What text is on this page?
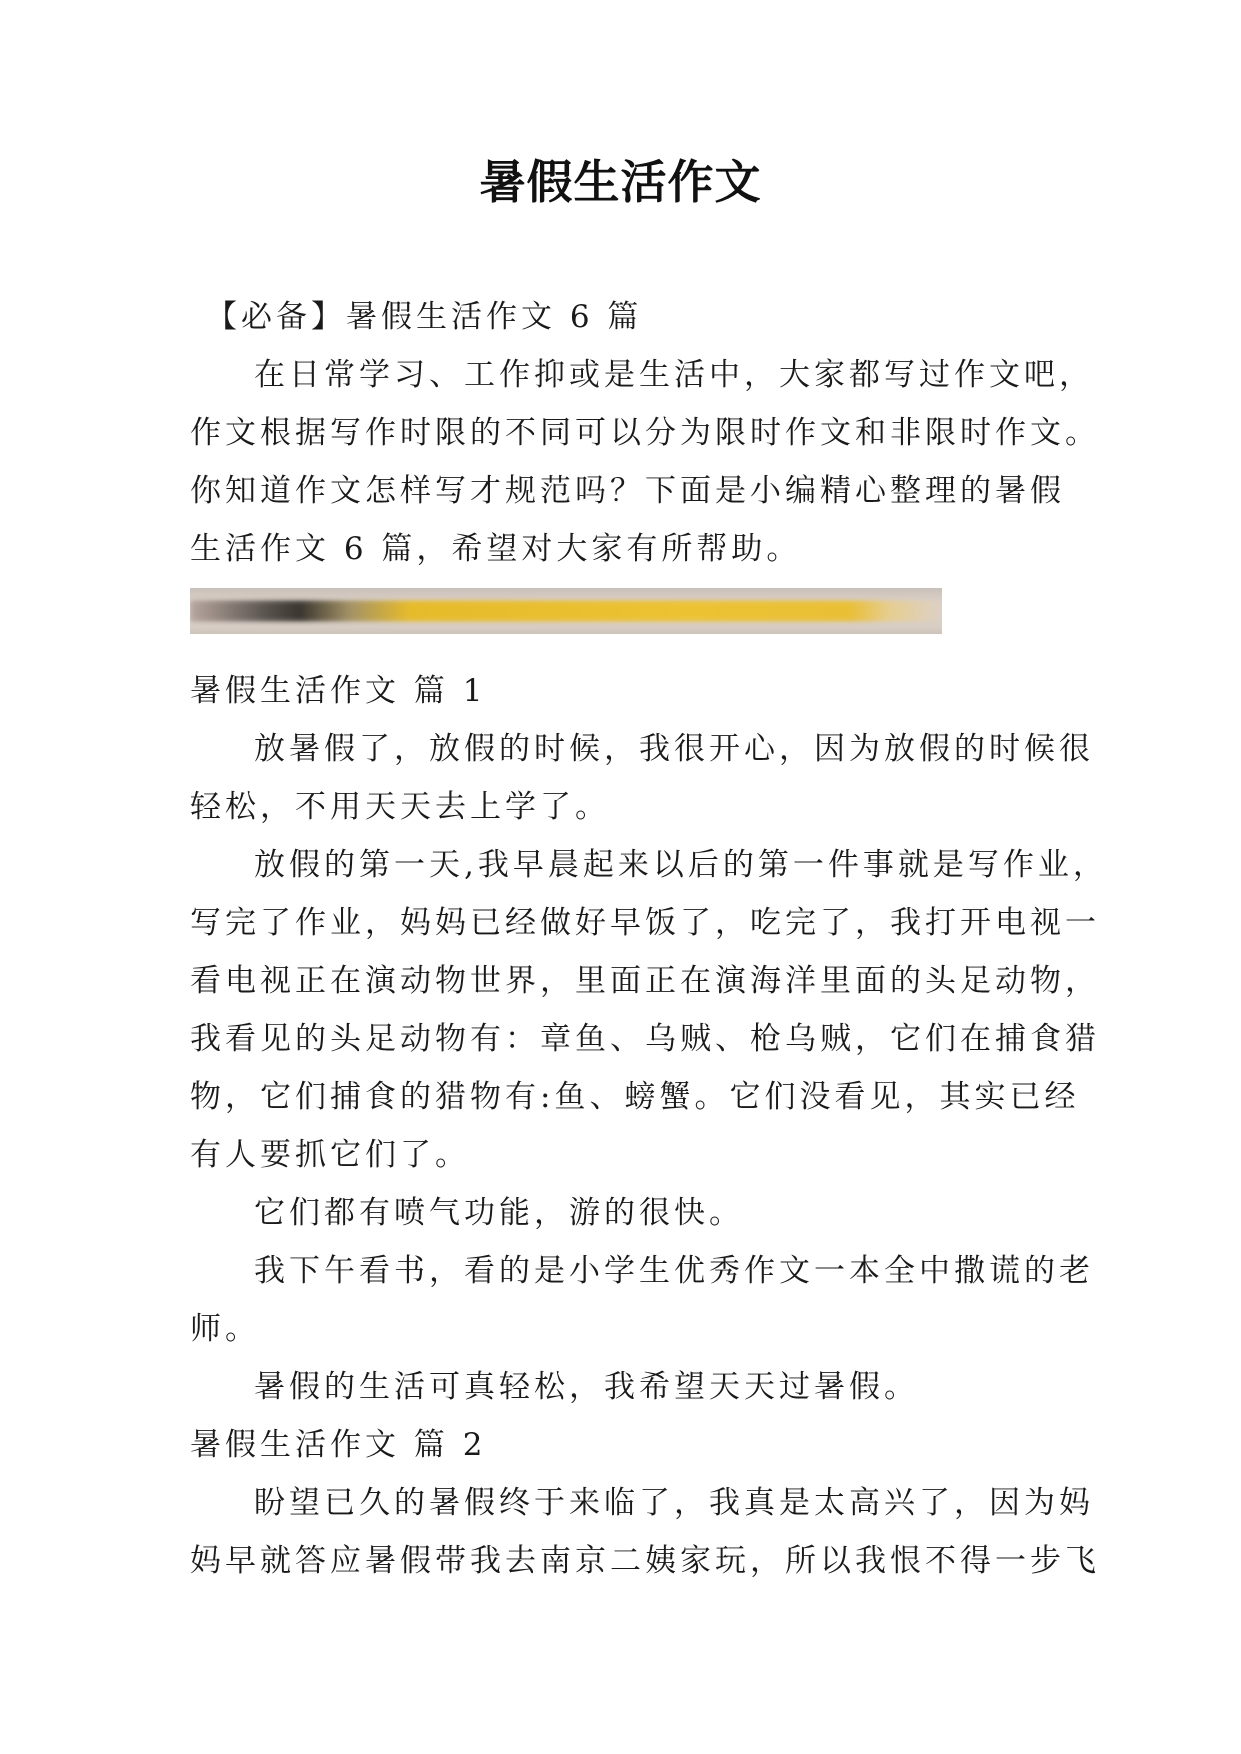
暑假生活作文

【必备】暑假生活作文 6 篇

在日常学习、工作抑或是生活中，大家都写过作文吧，

作文根据写作时限的不同可以分为限时作文和非限时作文。

你知道作文怎样写才规范吗？下面是小编精心整理的暑假

生活作文 6 篇，希望对大家有所帮助。

暑假生活作文 篇 1

放暑假了，放假的时候，我很开心，因为放假的时候很

轻松，不用天天去上学了。

放假的第一天,我早晨起来以后的第一件事就是写作业，

写完了作业，妈妈已经做好早饭了，吃完了，我打开电视一

看电视正在演动物世界，里面正在演海洋里面的头足动物，

我看见的头足动物有：章鱼、乌贼、枪乌贼，它们在捕食猎

物，它们捕食的猎物有:鱼、螃蟹。它们没看见，其实已经

有人要抓它们了。

它们都有喷气功能，游的很快。

我下午看书，看的是小学生优秀作文一本全中撒谎的老

师。

暑假的生活可真轻松，我希望天天过暑假。

暑假生活作文 篇 2

盼望已久的暑假终于来临了，我真是太高兴了，因为妈

妈早就答应暑假带我去南京二姨家玩，所以我恨不得一步飞
